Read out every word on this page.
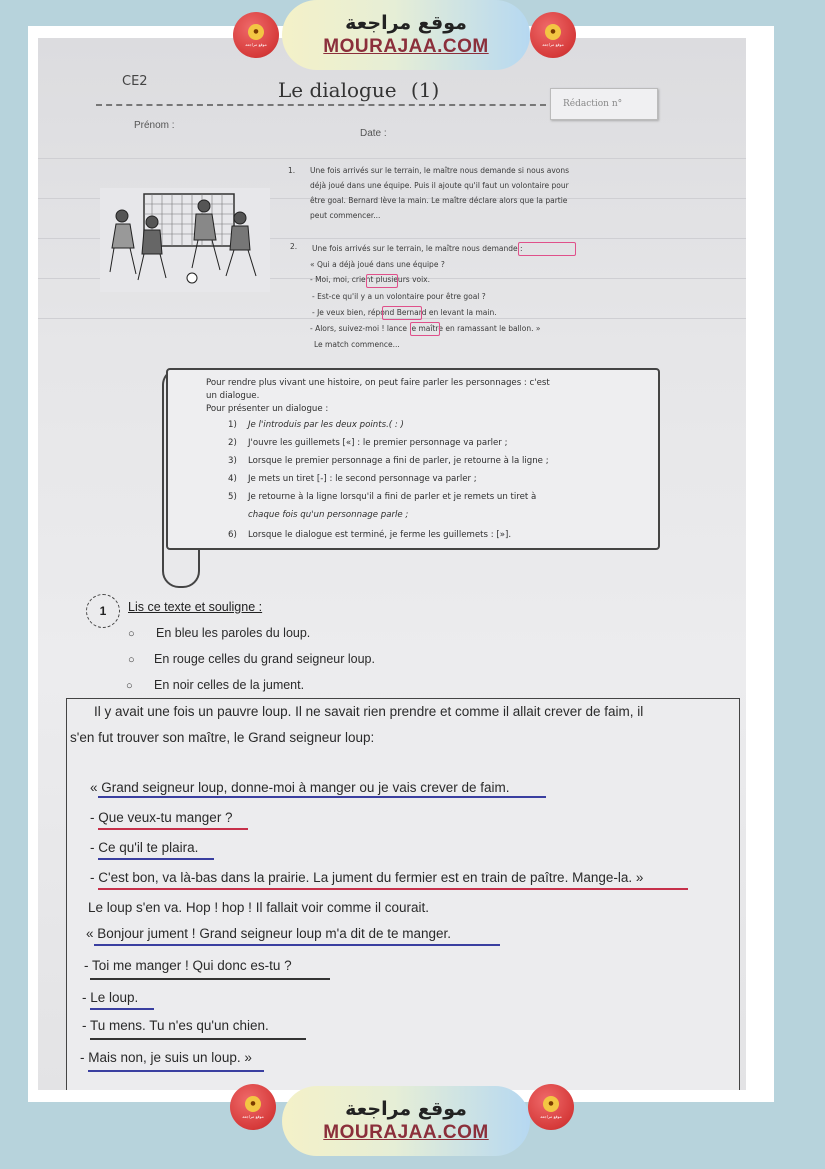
CE2	Le dialogue (1)
Rédaction n°
Prénom :
Date :
1. Une fois arrivés sur le terrain, le maître nous demande si nous avons
déjà joué dans une équipe. Puis il ajoute qu'il faut un volontaire pour
être goal. Bernard lève la main. Le maître déclare alors que la partie
peut commencer...
2. Une fois arrivés sur le terrain, le maître nous demande :
« Qui a déjà joué dans une équipe ?
- Moi, moi, crient plusieurs voix.
- Est-ce qu'il y a un volontaire pour être goal ?
- Je veux bien, répond Bernard en levant la main.
- Alors, suivez-moi ! lance le maître en ramassant le ballon. »
Le match commence...
Pour rendre plus vivant une histoire, on peut faire parler les personnages : c'est
un dialogue.
Pour présenter un dialogue :
1) Je l'introduis par les deux points.( : )
2) J'ouvre les guillemets [«] : le premier personnage va parler ;
3) Lorsque le premier personnage a fini de parler, je retourne à la ligne ;
4) Je mets un tiret [-] : le second personnage va parler ;
5) Je retourne à la ligne lorsqu'il a fini de parler et je remets un tiret à
chaque fois qu'un personnage parle ;
6) Lorsque le dialogue est terminé, je ferme les guillemets : [»].
1 Lis ce texte et souligne :
○ En bleu les paroles du loup.
○ En rouge celles du grand seigneur loup.
○ En noir celles de la jument.
Il y avait une fois un pauvre loup. Il ne savait rien prendre et comme il allait crever de faim, il
s'en fut trouver son maître, le Grand seigneur loup:
« Grand seigneur loup, donne-moi à manger ou je vais crever de faim.
- Que veux-tu manger ?
- Ce qu'il te plaira.
- C'est bon, va là-bas dans la prairie. La jument du fermier est en train de paître. Mange-la. »
Le loup s'en va. Hop ! hop ! Il fallait voir comme il courait.
« Bonjour jument ! Grand seigneur loup m'a dit de te manger.
- Toi me manger ! Qui donc es-tu ?
- Le loup.
- Tu mens. Tu n'es qu'un chien.
- Mais non, je suis un loup. »
●
موقع مراجعة
موقع مراجعة
MOURAJAA.COM
●
موقع مراجعة
●
موقع مراجعة	موقع مراجعة
MOURAJAA.COM
●
موقع مراجعة
